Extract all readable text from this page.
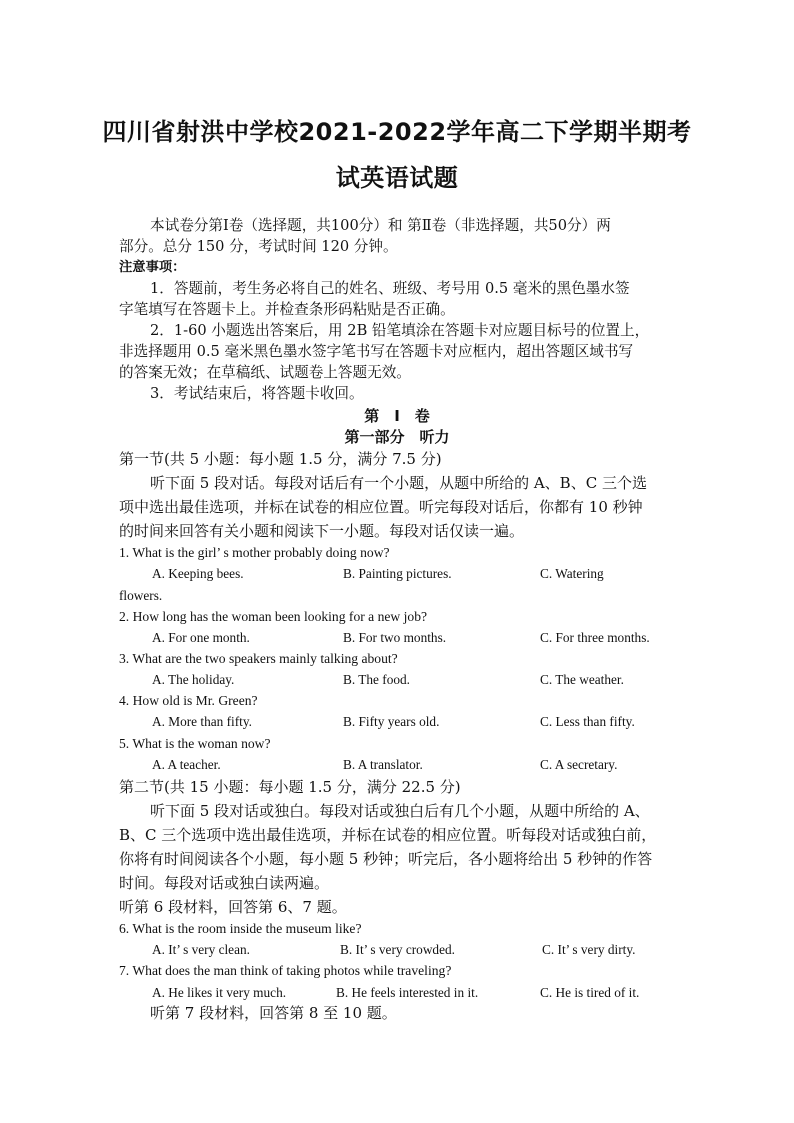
四川省射洪中学校2021-2022学年高二下学期半期考
试英语试题
本试卷分第Ⅰ卷（选择题，共100分）和 第Ⅱ卷（非选择题，共50分）两
部分。总分 150 分，考试时间 120 分钟。
注意事项：
1．答题前，考生务必将自己的姓名、班级、考号用 0.5 毫米的黑色墨水签
字笔填写在答题卡上。并检查条形码粘贴是否正确。
2．1-60 小题选出答案后，用 2B 铅笔填涂在答题卡对应题目标号的位置上，
非选择题用 0.5 毫米黑色墨水签字笔书写在答题卡对应框内，超出答题区域书写
的答案无效；在草稿纸、试题卷上答题无效。
3．考试结束后，将答题卡收回。
第　Ⅰ　卷
第一部分　听力
第一节(共 5 小题：每小题 1.5 分，满分 7.5 分)
听下面 5 段对话。每段对话后有一个小题，从题中所给的 A、B、C 三个选
项中选出最佳选项，并标在试卷的相应位置。听完每段对话后，你都有 10 秒钟
的时间来回答有关小题和阅读下一小题。每段对话仅读一遍。
1. What is the girl’ s mother probably doing now?
A. Keeping bees.	B. Painting pictures.	C. Watering
flowers.
2. How long has the woman been looking for a new job?
A. For one month.	B. For two months.	C. For three months.
3. What are the two speakers mainly talking about?
A. The holiday.	B. The food.	C. The weather.
4. How old is Mr. Green?
A. More than fifty.	B. Fifty years old.	C. Less than fifty.
5. What is the woman now?
A. A teacher.	B. A translator.	C. A secretary.
第二节(共 15 小题：每小题 1.5 分，满分 22.5 分)
听下面 5 段对话或独白。每段对话或独白后有几个小题，从题中所给的 A、
B、C 三个选项中选出最佳选项，并标在试卷的相应位置。听每段对话或独白前，
你将有时间阅读各个小题，每小题 5 秒钟；听完后，各小题将给出 5 秒钟的作答
时间。每段对话或独白读两遍。
听第 6 段材料，回答第 6、7 题。
6. What is the room inside the museum like?
A. It’ s very clean.	B. It’ s very crowded.	C. It’ s very dirty.
7. What does the man think of taking photos while traveling?
A. He likes it very much.	B. He feels interested in it.	C. He is tired of it.
听第 7 段材料，回答第 8 至 10 题。
